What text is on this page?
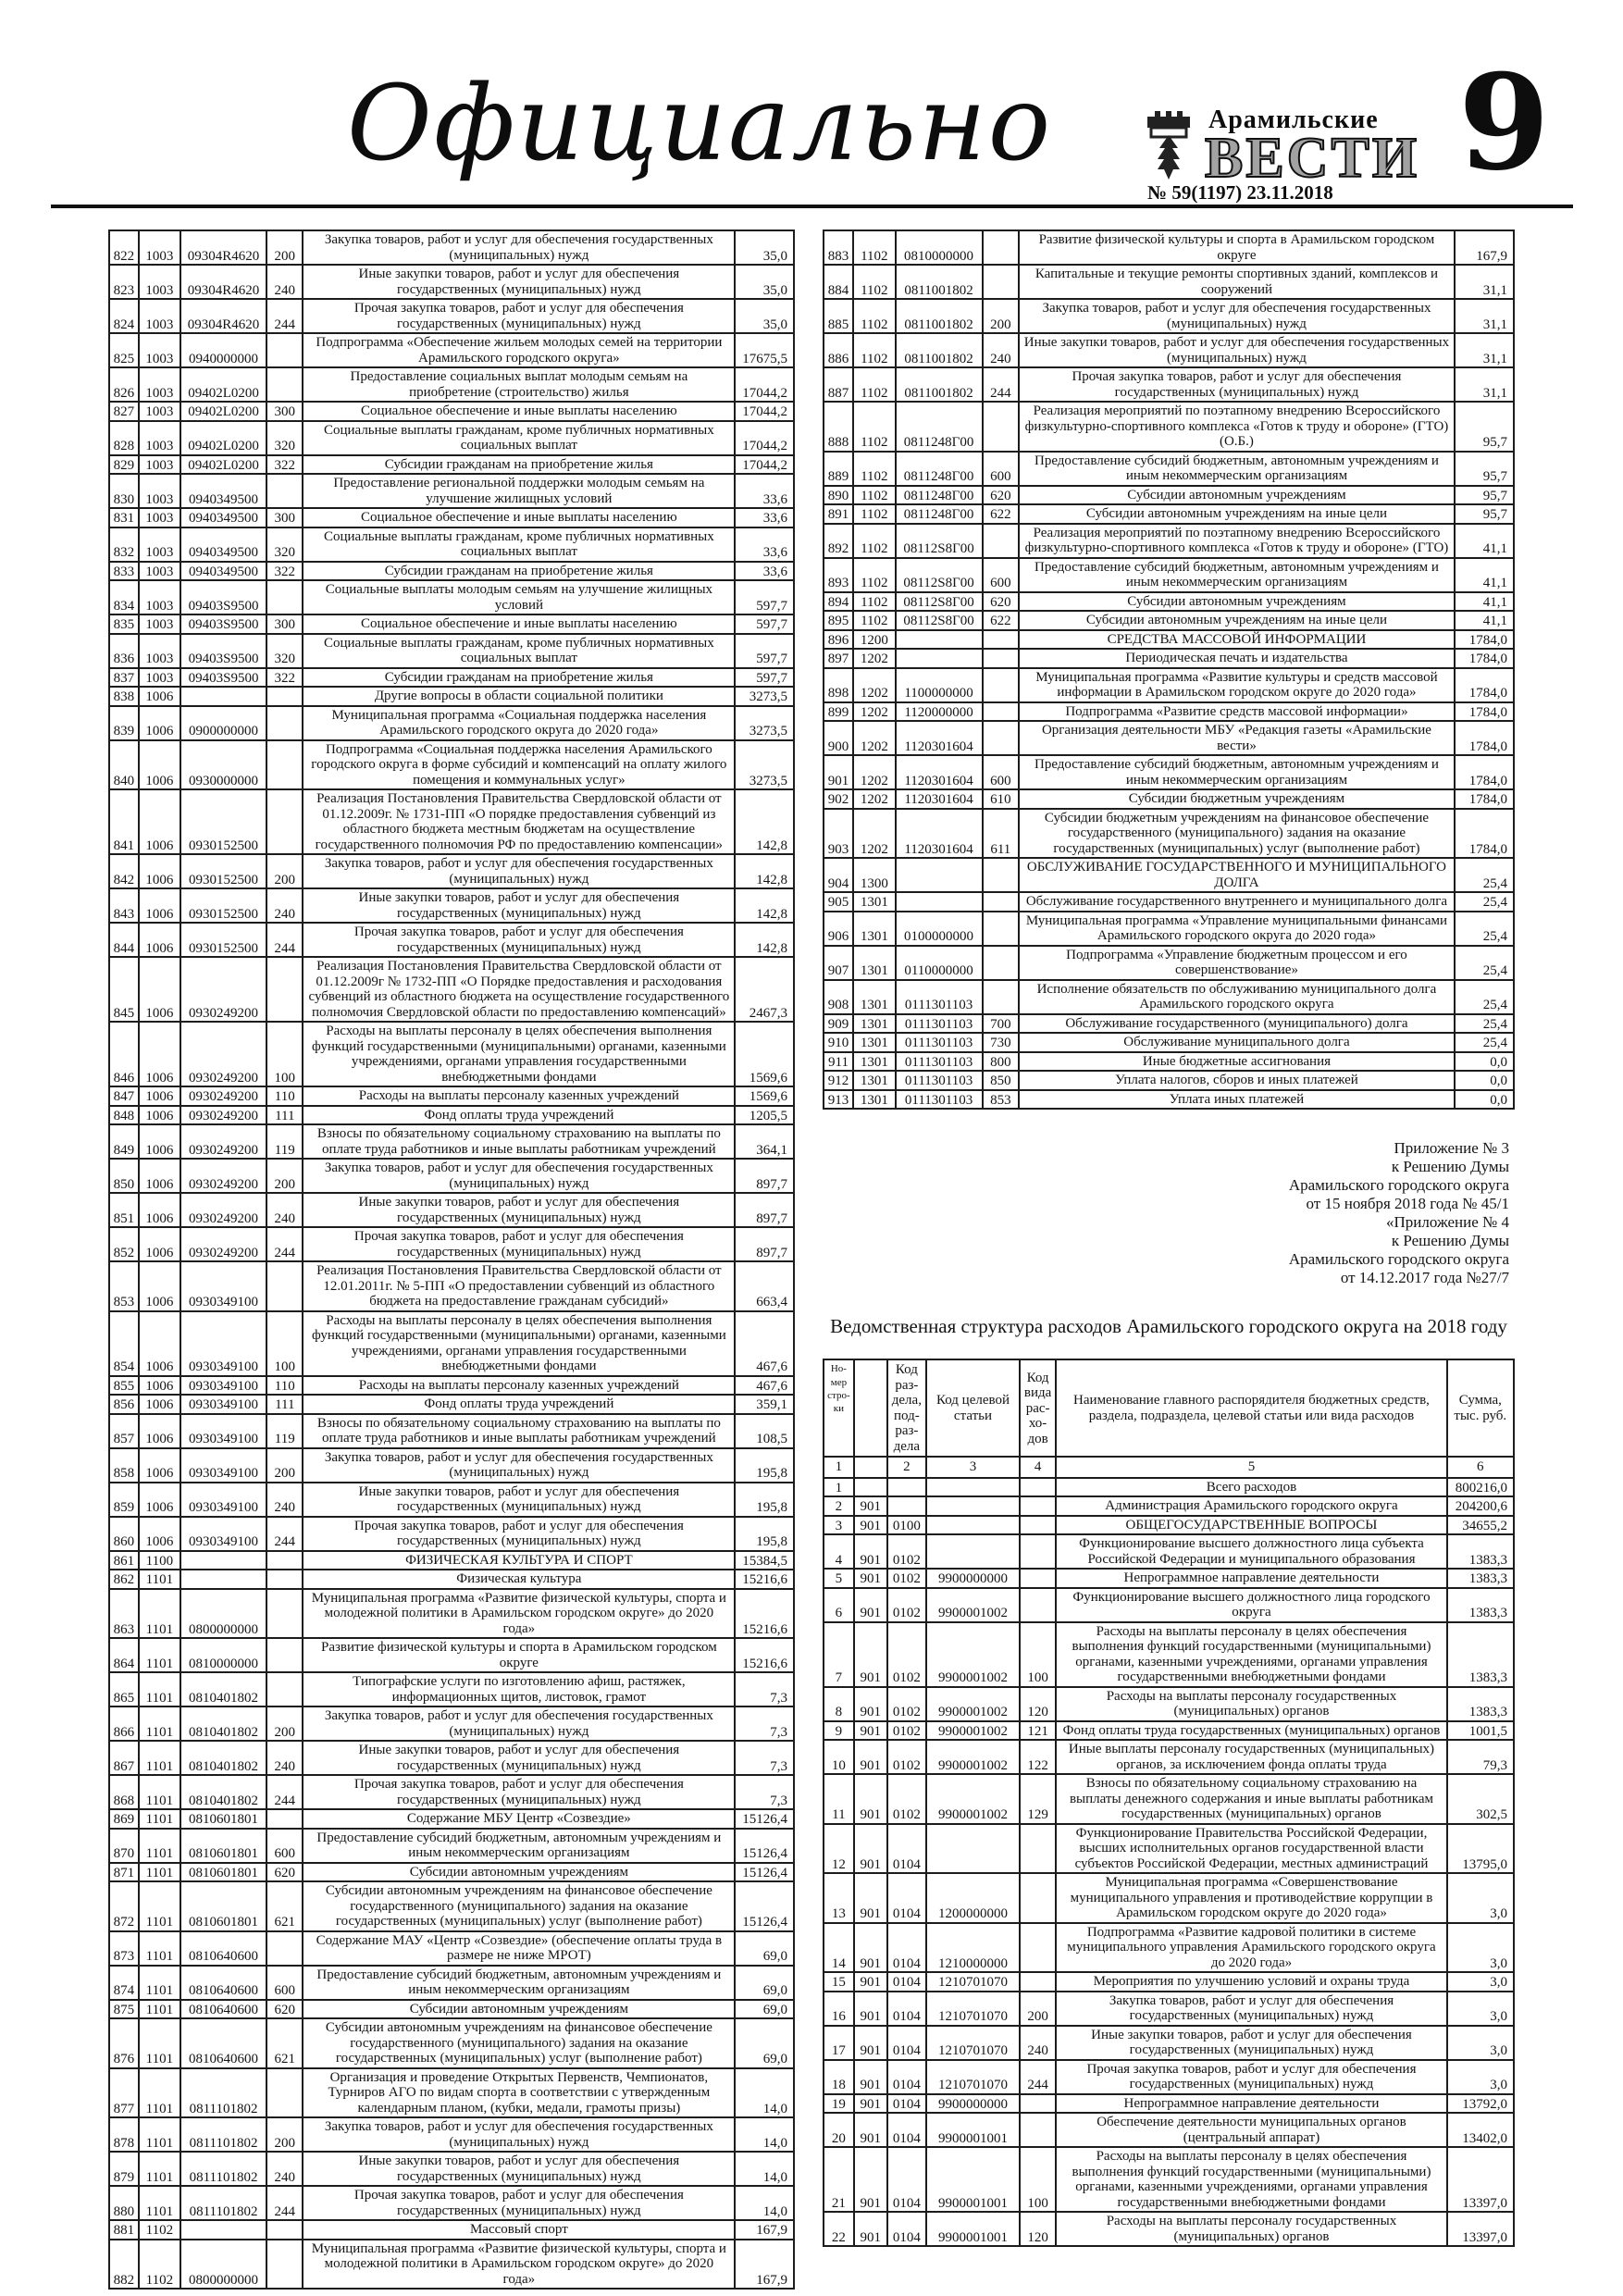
Официально	Арамильские
ВЕСТИ
№ 59(1197) 23.11.2018 9
822	1003	09304R4620	200	Закупка товаров, работ и услуг для обеспечения государственных (муниципальных) нужд	35,0
823	1003	09304R4620	240	Иные закупки товаров, работ и услуг для обеспечения государственных (муниципальных) нужд	35,0
824	1003	09304R4620	244	Прочая закупка товаров, работ и услуг для обеспечения государственных (муниципальных) нужд	35,0
825	1003	0940000000		Подпрограмма «Обеспечение жильем молодых семей на территории Арамильского городского округа»	17675,5
826	1003	09402L0200		Предоставление социальных выплат молодым семьям на приобретение (строительство) жилья	17044,2
827	1003	09402L0200	300	Социальное обеспечение и иные выплаты населению	17044,2
828	1003	09402L0200	320	Социальные выплаты гражданам, кроме публичных нормативных социальных выплат	17044,2
829	1003	09402L0200	322	Субсидии гражданам на приобретение жилья	17044,2
830	1003	0940349500		Предоставление региональной поддержки молодым семьям на улучшение жилищных условий	33,6
831	1003	0940349500	300	Социальное обеспечение и иные выплаты населению	33,6
832	1003	0940349500	320	Социальные выплаты гражданам, кроме публичных нормативных социальных выплат	33,6
833	1003	0940349500	322	Субсидии гражданам на приобретение жилья	33,6
834	1003	09403S9500		Социальные выплаты молодым семьям на улучшение жилищных условий	597,7
835	1003	09403S9500	300	Социальное обеспечение и иные выплаты населению	597,7
836	1003	09403S9500	320	Социальные выплаты гражданам, кроме публичных нормативных социальных выплат	597,7
837	1003	09403S9500	322	Субсидии гражданам на приобретение жилья	597,7
838	1006			Другие вопросы в области социальной политики	3273,5
839	1006	0900000000		Муниципальная программа «Социальная поддержка населения Арамильского городского округа до 2020 года»	3273,5
840	1006	0930000000		Подпрограмма «Социальная поддержка населения Арамильского городского округа в форме субсидий и компенсаций на оплату жилого помещения и коммунальных услуг»	3273,5
841	1006	0930152500		Реализация Постановления Правительства Свердловской области от 01.12.2009г. № 1731-ПП «О порядке предоставления субвенций из областного бюджета местным бюджетам на осуществление государственного полномочия РФ по предоставлению компенсации»	142,8
842	1006	0930152500	200	Закупка товаров, работ и услуг для обеспечения государственных (муниципальных) нужд	142,8
843	1006	0930152500	240	Иные закупки товаров, работ и услуг для обеспечения государственных (муниципальных) нужд	142,8
844	1006	0930152500	244	Прочая закупка товаров, работ и услуг для обеспечения государственных (муниципальных) нужд	142,8
845	1006	0930249200		Реализация Постановления Правительства Свердловской области от 01.12.2009г № 1732-ПП «О Порядке предоставления и расходования субвенций из областного бюджета на осуществление государственного полномочия Свердловской области по предоставлению компенсаций»	2467,3
846	1006	0930249200	100	Расходы на выплаты персоналу в целях обеспечения выполнения функций государственными (муниципальными) органами, казенными учреждениями, органами управления государственными внебюджетными фондами	1569,6
847	1006	0930249200	110	Расходы на выплаты персоналу казенных учреждений	1569,6
848	1006	0930249200	111	Фонд оплаты труда учреждений	1205,5
849	1006	0930249200	119	Взносы по обязательному социальному страхованию на выплаты по оплате труда работников и иные выплаты работникам учреждений	364,1
850	1006	0930249200	200	Закупка товаров, работ и услуг для обеспечения государственных (муниципальных) нужд	897,7
851	1006	0930249200	240	Иные закупки товаров, работ и услуг для обеспечения государственных (муниципальных) нужд	897,7
852	1006	0930249200	244	Прочая закупка товаров, работ и услуг для обеспечения государственных (муниципальных) нужд	897,7
853	1006	0930349100		Реализация Постановления Правительства Свердловской области от 12.01.2011г. № 5-ПП «О предоставлении субвенций из областного бюджета на предоставление гражданам субсидий»	663,4
854	1006	0930349100	100	Расходы на выплаты персоналу в целях обеспечения выполнения функций государственными (муниципальными) органами, казенными учреждениями, органами управления государственными внебюджетными фондами	467,6
855	1006	0930349100	110	Расходы на выплаты персоналу казенных учреждений	467,6
856	1006	0930349100	111	Фонд оплаты труда учреждений	359,1
857	1006	0930349100	119	Взносы по обязательному социальному страхованию на выплаты по оплате труда работников и иные выплаты работникам учреждений	108,5
858	1006	0930349100	200	Закупка товаров, работ и услуг для обеспечения государственных (муниципальных) нужд	195,8
859	1006	0930349100	240	Иные закупки товаров, работ и услуг для обеспечения государственных (муниципальных) нужд	195,8
860	1006	0930349100	244	Прочая закупка товаров, работ и услуг для обеспечения государственных (муниципальных) нужд	195,8
861	1100			ФИЗИЧЕСКАЯ КУЛЬТУРА И СПОРТ	15384,5
862	1101			Физическая культура	15216,6
863	1101	0800000000		Муниципальная программа «Развитие физической культуры, спорта и молодежной политики в Арамильском городском округе» до 2020 года»	15216,6
864	1101	0810000000		Развитие физической культуры и спорта в Арамильском городском округе	15216,6
865	1101	0810401802		Типографские услуги по изготовлению афиш, растяжек, информационных щитов, листовок, грамот	7,3
866	1101	0810401802	200	Закупка товаров, работ и услуг для обеспечения государственных (муниципальных) нужд	7,3
867	1101	0810401802	240	Иные закупки товаров, работ и услуг для обеспечения государственных (муниципальных) нужд	7,3
868	1101	0810401802	244	Прочая закупка товаров, работ и услуг для обеспечения государственных (муниципальных) нужд	7,3
869	1101	0810601801		Содержание МБУ Центр «Созвездие»	15126,4
870	1101	0810601801	600	Предоставление субсидий бюджетным, автономным учреждениям и иным некоммерческим организациям	15126,4
871	1101	0810601801	620	Субсидии автономным учреждениям	15126,4
872	1101	0810601801	621	Субсидии автономным учреждениям на финансовое обеспечение государственного (муниципального) задания на оказание государственных (муниципальных) услуг (выполнение работ)	15126,4
873	1101	0810640600		Содержание МАУ «Центр «Созвездие» (обеспечение оплаты труда в размере не ниже МРОТ)	69,0
874	1101	0810640600	600	Предоставление субсидий бюджетным, автономным учреждениям и иным некоммерческим организациям	69,0
875	1101	0810640600	620	Субсидии автономным учреждениям	69,0
876	1101	0810640600	621	Субсидии автономным учреждениям на финансовое обеспечение государственного (муниципального) задания на оказание государственных (муниципальных) услуг (выполнение работ)	69,0
877	1101	0811101802		Организация и проведение Открытых Первенств, Чемпионатов, Турниров АГО по видам спорта в соответствии с утвержденным календарным планом, (кубки, медали, грамоты призы)	14,0
878	1101	0811101802	200	Закупка товаров, работ и услуг для обеспечения государственных (муниципальных) нужд	14,0
879	1101	0811101802	240	Иные закупки товаров, работ и услуг для обеспечения государственных (муниципальных) нужд	14,0
880	1101	0811101802	244	Прочая закупка товаров, работ и услуг для обеспечения государственных (муниципальных) нужд	14,0
881	1102			Массовый спорт	167,9
882	1102	0800000000		Муниципальная программа «Развитие физической культуры, спорта и молодежной политики в Арамильском городском округе» до 2020 года»	167,9
883	1102	0810000000		Развитие физической культуры и спорта в Арамильском городском округе	167,9
884	1102	0811001802		Капитальные и текущие ремонты спортивных зданий, комплексов и сооружений	31,1
885	1102	0811001802	200	Закупка товаров, работ и услуг для обеспечения государственных (муниципальных) нужд	31,1
886	1102	0811001802	240	Иные закупки товаров, работ и услуг для обеспечения государственных (муниципальных) нужд	31,1
887	1102	0811001802	244	Прочая закупка товаров, работ и услуг для обеспечения государственных (муниципальных) нужд	31,1
888	1102	0811248Г00		Реализация мероприятий по поэтапному внедрению Всероссийского физкультурно-спортивного комплекса «Готов к труду и обороне» (ГТО) (О.Б.)	95,7
889	1102	0811248Г00	600	Предоставление субсидий бюджетным, автономным учреждениям и иным некоммерческим организациям	95,7
890	1102	0811248Г00	620	Субсидии автономным учреждениям	95,7
891	1102	0811248Г00	622	Субсидии автономным учреждениям на иные цели	95,7
892	1102	08112S8Г00		Реализация мероприятий по поэтапному внедрению Всероссийского физкультурно-спортивного комплекса «Готов к труду и обороне» (ГТО)	41,1
893	1102	08112S8Г00	600	Предоставление субсидий бюджетным, автономным учреждениям и иным некоммерческим организациям	41,1
894	1102	08112S8Г00	620	Субсидии автономным учреждениям	41,1
895	1102	08112S8Г00	622	Субсидии автономным учреждениям на иные цели	41,1
896	1200			СРЕДСТВА МАССОВОЙ ИНФОРМАЦИИ	1784,0
897	1202			Периодическая печать и издательства	1784,0
898	1202	1100000000		Муниципальная программа «Развитие культуры и средств массовой информации в Арамильском городском округе до 2020 года»	1784,0
899	1202	1120000000		Подпрограмма «Развитие средств массовой информации»	1784,0
900	1202	1120301604		Организация деятельности МБУ «Редакция газеты «Арамильские вести»	1784,0
901	1202	1120301604	600	Предоставление субсидий бюджетным, автономным учреждениям и иным некоммерческим организациям	1784,0
902	1202	1120301604	610	Субсидии бюджетным учреждениям	1784,0
903	1202	1120301604	611	Субсидии бюджетным учреждениям на финансовое обеспечение государственного (муниципального) задания на оказание государственных (муниципальных) услуг (выполнение работ)	1784,0
904	1300			ОБСЛУЖИВАНИЕ ГОСУДАРСТВЕННОГО И МУНИЦИПАЛЬНОГО ДОЛГА	25,4
905	1301			Обслуживание государственного внутреннего и муниципального долга	25,4
906	1301	0100000000		Муниципальная программа «Управление муниципальными финансами Арамильского городского округа до 2020 года»	25,4
907	1301	0110000000		Подпрограмма «Управление бюджетным процессом и его совершенствование»	25,4
908	1301	0111301103		Исполнение обязательств по обслуживанию муниципального долга Арамильского городского округа	25,4
909	1301	0111301103	700	Обслуживание государственного (муниципального) долга	25,4
910	1301	0111301103	730	Обслуживание муниципального долга	25,4
911	1301	0111301103	800	Иные бюджетные ассигнования	0,0
912	1301	0111301103	850	Уплата налогов, сборов и иных платежей	0,0
913	1301	0111301103	853	Уплата иных платежей	0,0
Приложение № 3
к Решению Думы
Арамильского городского округа
от 15 ноября 2018 года № 45/1
«Приложение № 4
к Решению Думы
Арамильского городского округа
от 14.12.2017 года №27/7
Ведомственная структура расходов Арамильского городского округа на 2018 году
Но-мер стро-ки		Код раз-дела, под-раз-дела	Код целевой статьи	Код вида рас-хо-дов	Наименование главного распорядителя бюджетных средств, раздела, подраздела, целевой статьи или вида расходов	Сумма, тыс. руб.
1		2	3	4	5	6
1					Всего расходов	800216,0
2	901				Администрация Арамильского городского округа	204200,6
3	901	0100			ОБЩЕГОСУДАРСТВЕННЫЕ ВОПРОСЫ	34655,2
4	901	0102			Функционирование высшего должностного лица субъекта Российской Федерации и муниципального образования	1383,3
5	901	0102	9900000000		Непрограммное направление деятельности	1383,3
6	901	0102	9900001002		Функционирование высшего должностного лица городского округа	1383,3
7	901	0102	9900001002	100	Расходы на выплаты персоналу в целях обеспечения выполнения функций государственными (муниципальными) органами, казенными учреждениями, органами управления государственными внебюджетными фондами	1383,3
8	901	0102	9900001002	120	Расходы на выплаты персоналу государственных (муниципальных) органов	1383,3
9	901	0102	9900001002	121	Фонд оплаты труда государственных (муниципальных) органов	1001,5
10	901	0102	9900001002	122	Иные выплаты персоналу государственных (муниципальных) органов, за исключением фонда оплаты труда	79,3
11	901	0102	9900001002	129	Взносы по обязательному социальному страхованию на выплаты денежного содержания и иные выплаты работникам государственных (муниципальных) органов	302,5
12	901	0104			Функционирование Правительства Российской Федерации, высших исполнительных органов государственной власти субъектов Российской Федерации, местных администраций	13795,0
13	901	0104	1200000000		Муниципальная программа «Совершенствование муниципального управления и противодействие коррупции в Арамильском городском округе до 2020 года»	3,0
14	901	0104	1210000000		Подпрограмма «Развитие кадровой политики в системе муниципального управления Арамильского городского округа до 2020 года»	3,0
15	901	0104	1210701070		Мероприятия по улучшению условий и охраны труда	3,0
16	901	0104	1210701070	200	Закупка товаров, работ и услуг для обеспечения государственных (муниципальных) нужд	3,0
17	901	0104	1210701070	240	Иные закупки товаров, работ и услуг для обеспечения государственных (муниципальных) нужд	3,0
18	901	0104	1210701070	244	Прочая закупка товаров, работ и услуг для обеспечения государственных (муниципальных) нужд	3,0
19	901	0104	9900000000		Непрограммное направление деятельности	13792,0
20	901	0104	9900001001		Обеспечение деятельности муниципальных органов (центральный аппарат)	13402,0
21	901	0104	9900001001	100	Расходы на выплаты персоналу в целях обеспечения выполнения функций государственными (муниципальными) органами, казенными учреждениями, органами управления государственными внебюджетными фондами	13397,0
22	901	0104	9900001001	120	Расходы на выплаты персоналу государственных (муниципальных) органов	13397,0
